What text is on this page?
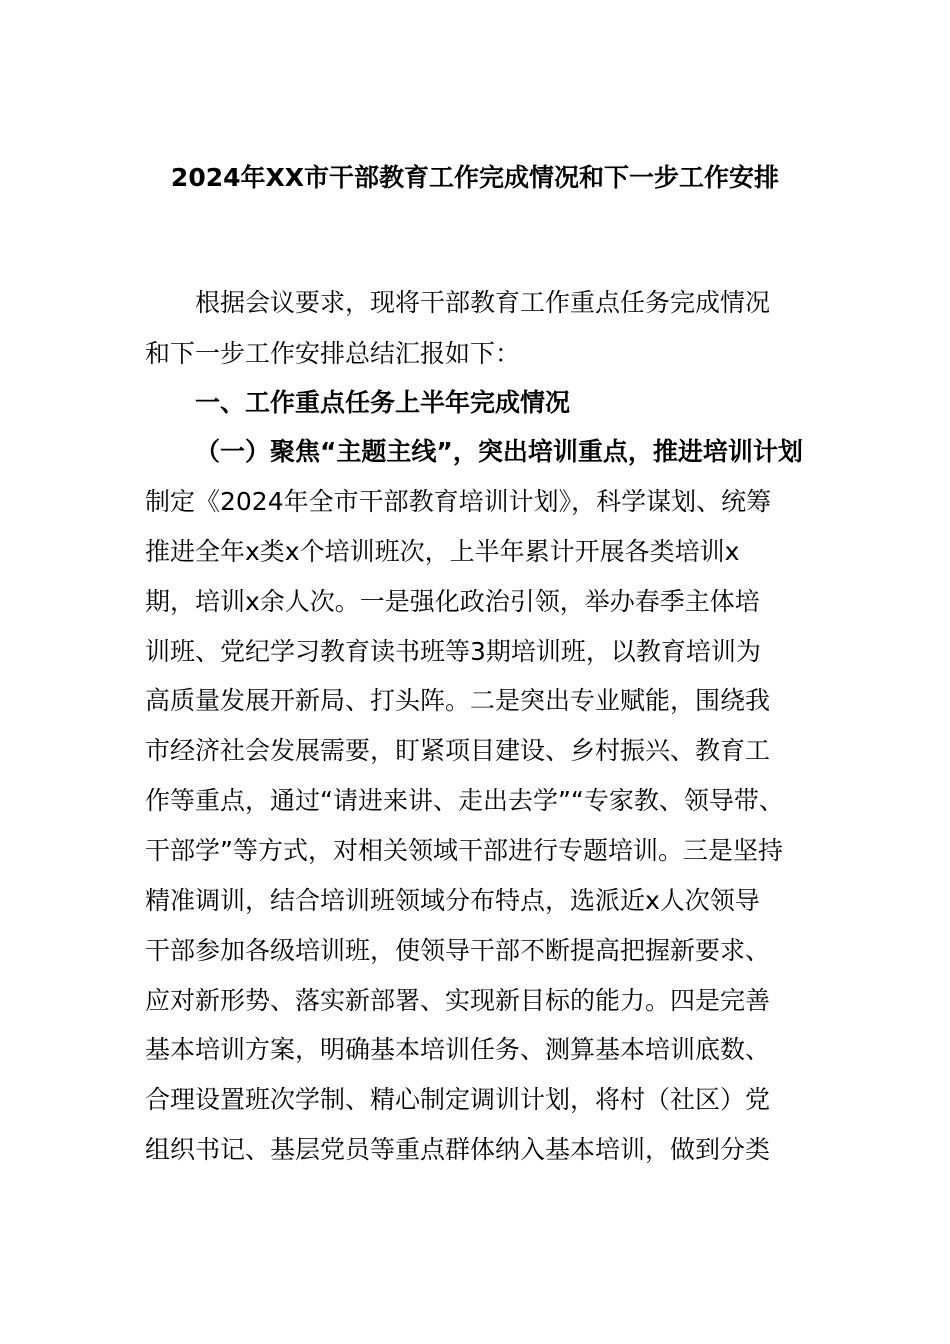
2024年XX市干部教育工作完成情况和下一步工作安排

根据会议要求，现将干部教育工作重点任务完成情况

和下一步工作安排总结汇报如下：

一、工作重点任务上半年完成情况

（一）聚焦“主题主线”，突出培训重点，推进培训计划

制定《2024年全市干部教育培训计划》，科学谋划、统筹

推进全年x类x个培训班次，上半年累计开展各类培训x

期，培训x余人次。一是强化政治引领，举办春季主体培

训班、党纪学习教育读书班等3期培训班，以教育培训为

高质量发展开新局、打头阵。二是突出专业赋能，围绕我

市经济社会发展需要，盯紧项目建设、乡村振兴、教育工

作等重点，通过“请进来讲、走出去学”“专家教、领导带、

干部学”等方式，对相关领域干部进行专题培训。三是坚持

精准调训，结合培训班领域分布特点，选派近x人次领导

干部参加各级培训班，使领导干部不断提高把握新要求、

应对新形势、落实新部署、实现新目标的能力。四是完善

基本培训方案，明确基本培训任务、测算基本培训底数、

合理设置班次学制、精心制定调训计划，将村（社区）党

组织书记、基层党员等重点群体纳入基本培训，做到分类
